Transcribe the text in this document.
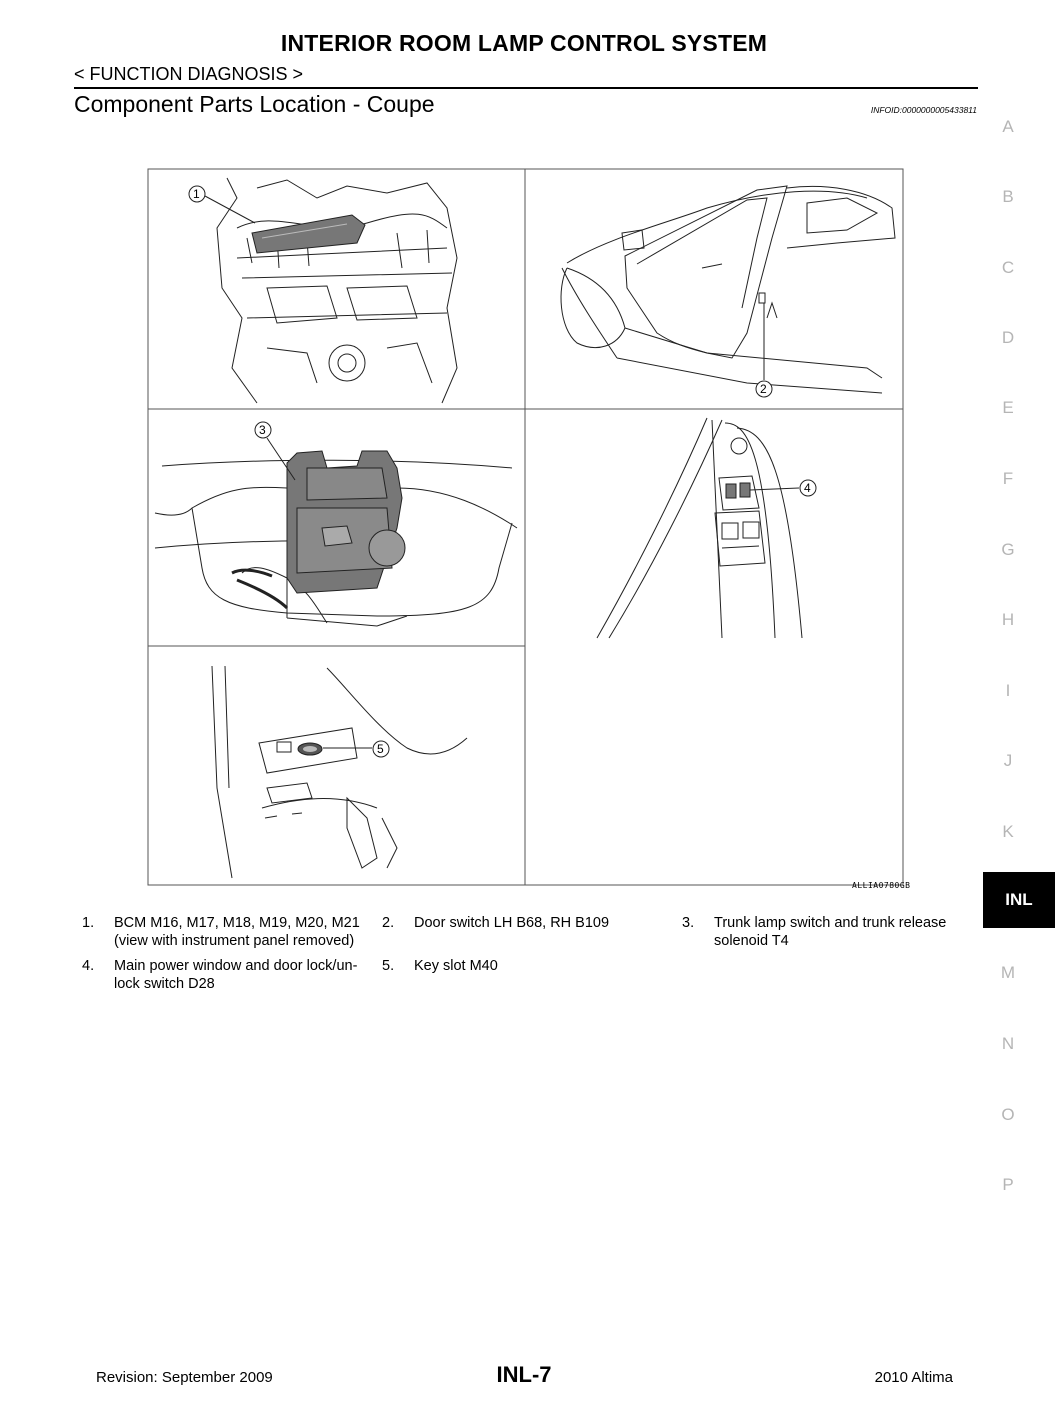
INTERIOR ROOM LAMP CONTROL SYSTEM
< FUNCTION DIAGNOSIS >
Component Parts Location - Coupe	INFOID:0000000005433811
A
B
C
D
E
F
G
H
I
J
K
M
N
O
P
INL
1
2
3
4
5
ALLIA0780GB
1. BCM M16, M17, M18, M19, M20, M21
(view with instrument panel removed)
2. Door switch LH B68, RH B109	3. Trunk lamp switch and trunk release
solenoid T4
4. Main power window and door lock/un-
lock switch D28
5. Key slot M40
Revision: September 2009	INL-7	2010 Altima
